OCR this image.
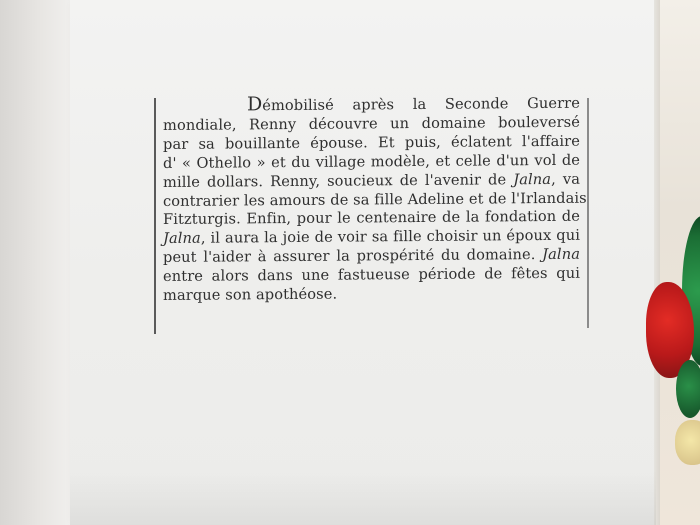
Démobilisé après la Seconde Guerre
mondiale, Renny découvre un domaine bouleversé
par sa bouillante épouse. Et puis, éclatent l'affaire
d' « Othello » et du village modèle, et celle d'un vol de
mille dollars. Renny, soucieux de l'avenir de Jalna, va
contrarier les amours de sa fille Adeline et de l'Irlandais
Fitzturgis. Enfin, pour le centenaire de la fondation de
Jalna, il aura la joie de voir sa fille choisir un époux qui
peut l'aider à assurer la prospérité du domaine. Jalna
entre alors dans une fastueuse période de fêtes qui
marque son apothéose.
